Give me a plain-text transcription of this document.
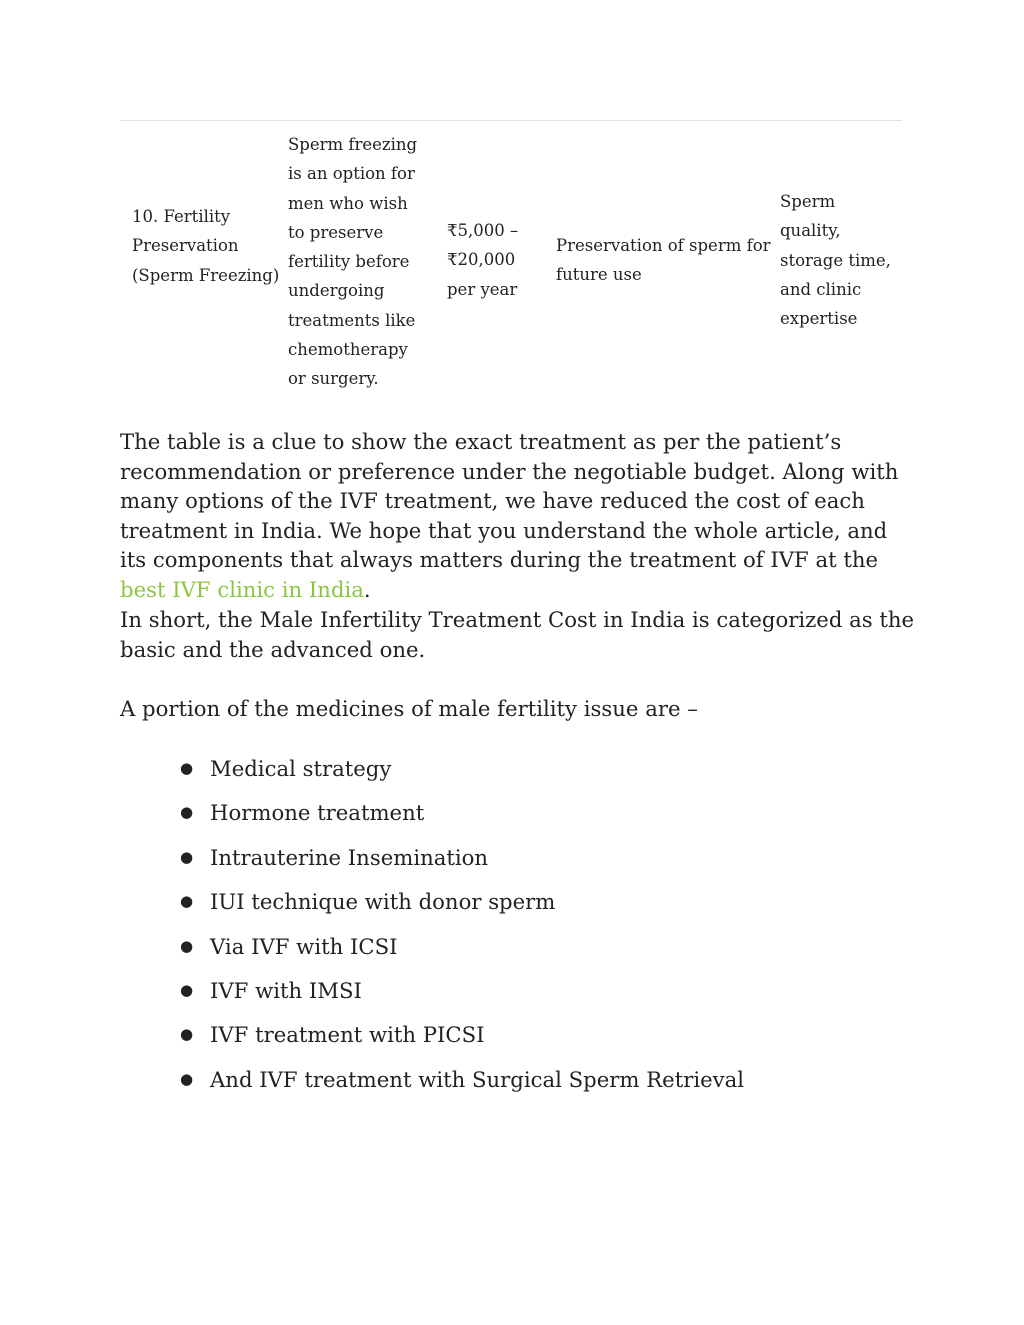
10. Fertility Preservation (Sperm Freezing)
Sperm freezing is an option for men who wish to preserve fertility before undergoing treatments like chemotherapy or surgery.
₹5,000 – ₹20,000 per year
Preservation of sperm for future use
Sperm quality, storage time, and clinic expertise

The table is a clue to show the exact treatment as per the patient’s recommendation or preference under the negotiable budget. Along with many options of the IVF treatment, we have reduced the cost of each treatment in India. We hope that you understand the whole article, and its components that always matters during the treatment of IVF at the best IVF clinic in India.

In short, the Male Infertility Treatment Cost in India is categorized as the basic and the advanced one.

A portion of the medicines of male fertility issue are –

● Medical strategy
● Hormone treatment
● Intrauterine Insemination
● IUI technique with donor sperm
● Via IVF with ICSI
● IVF with IMSI
● IVF treatment with PICSI
● And IVF treatment with Surgical Sperm Retrieval
